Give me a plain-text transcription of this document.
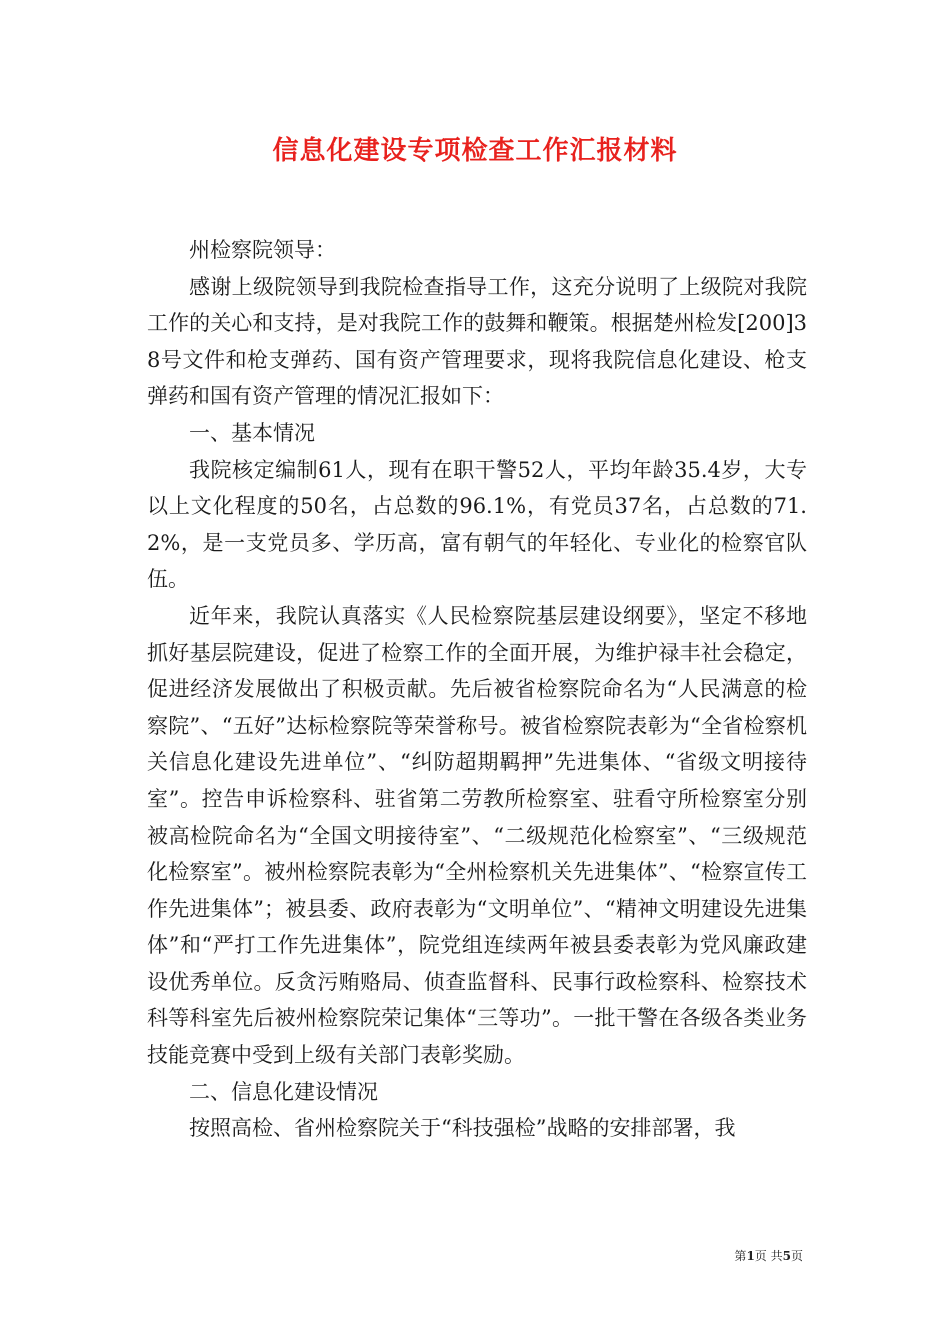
信息化建设专项检查工作汇报材料

州检察院领导：

感谢上级院领导到我院检查指导工作，这充分说明了上级院对我院工作的关心和支持，是对我院工作的鼓舞和鞭策。根据楚州检发[200]38号文件和枪支弹药、国有资产管理要求，现将我院信息化建设、枪支弹药和国有资产管理的情况汇报如下：

一、基本情况

我院核定编制61人，现有在职干警52人，平均年龄35.4岁，大专以上文化程度的50名，占总数的96.1%，有党员37名，占总数的71.2%，是一支党员多、学历高，富有朝气的年轻化、专业化的检察官队伍。

近年来，我院认真落实《人民检察院基层建设纲要》，坚定不移地抓好基层院建设，促进了检察工作的全面开展，为维护禄丰社会稳定，促进经济发展做出了积极贡献。先后被省检察院命名为“人民满意的检察院”、“五好”达标检察院等荣誉称号。被省检察院表彰为“全省检察机关信息化建设先进单位”、“纠防超期羁押”先进集体、“省级文明接待室”。控告申诉检察科、驻省第二劳教所检察室、驻看守所检察室分别被高检院命名为“全国文明接待室”、“二级规范化检察室”、“三级规范化检察室”。被州检察院表彰为“全州检察机关先进集体”、“检察宣传工作先进集体”；被县委、政府表彰为“文明单位”、“精神文明建设先进集体”和“严打工作先进集体”，院党组连续两年被县委表彰为党风廉政建设优秀单位。反贪污贿赂局、侦查监督科、民事行政检察科、检察技术科等科室先后被州检察院荣记集体“三等功”。一批干警在各级各类业务技能竞赛中受到上级有关部门表彰奖励。

二、信息化建设情况

按照高检、省州检察院关于“科技强检”战略的安排部署，我

第1页 共5页
